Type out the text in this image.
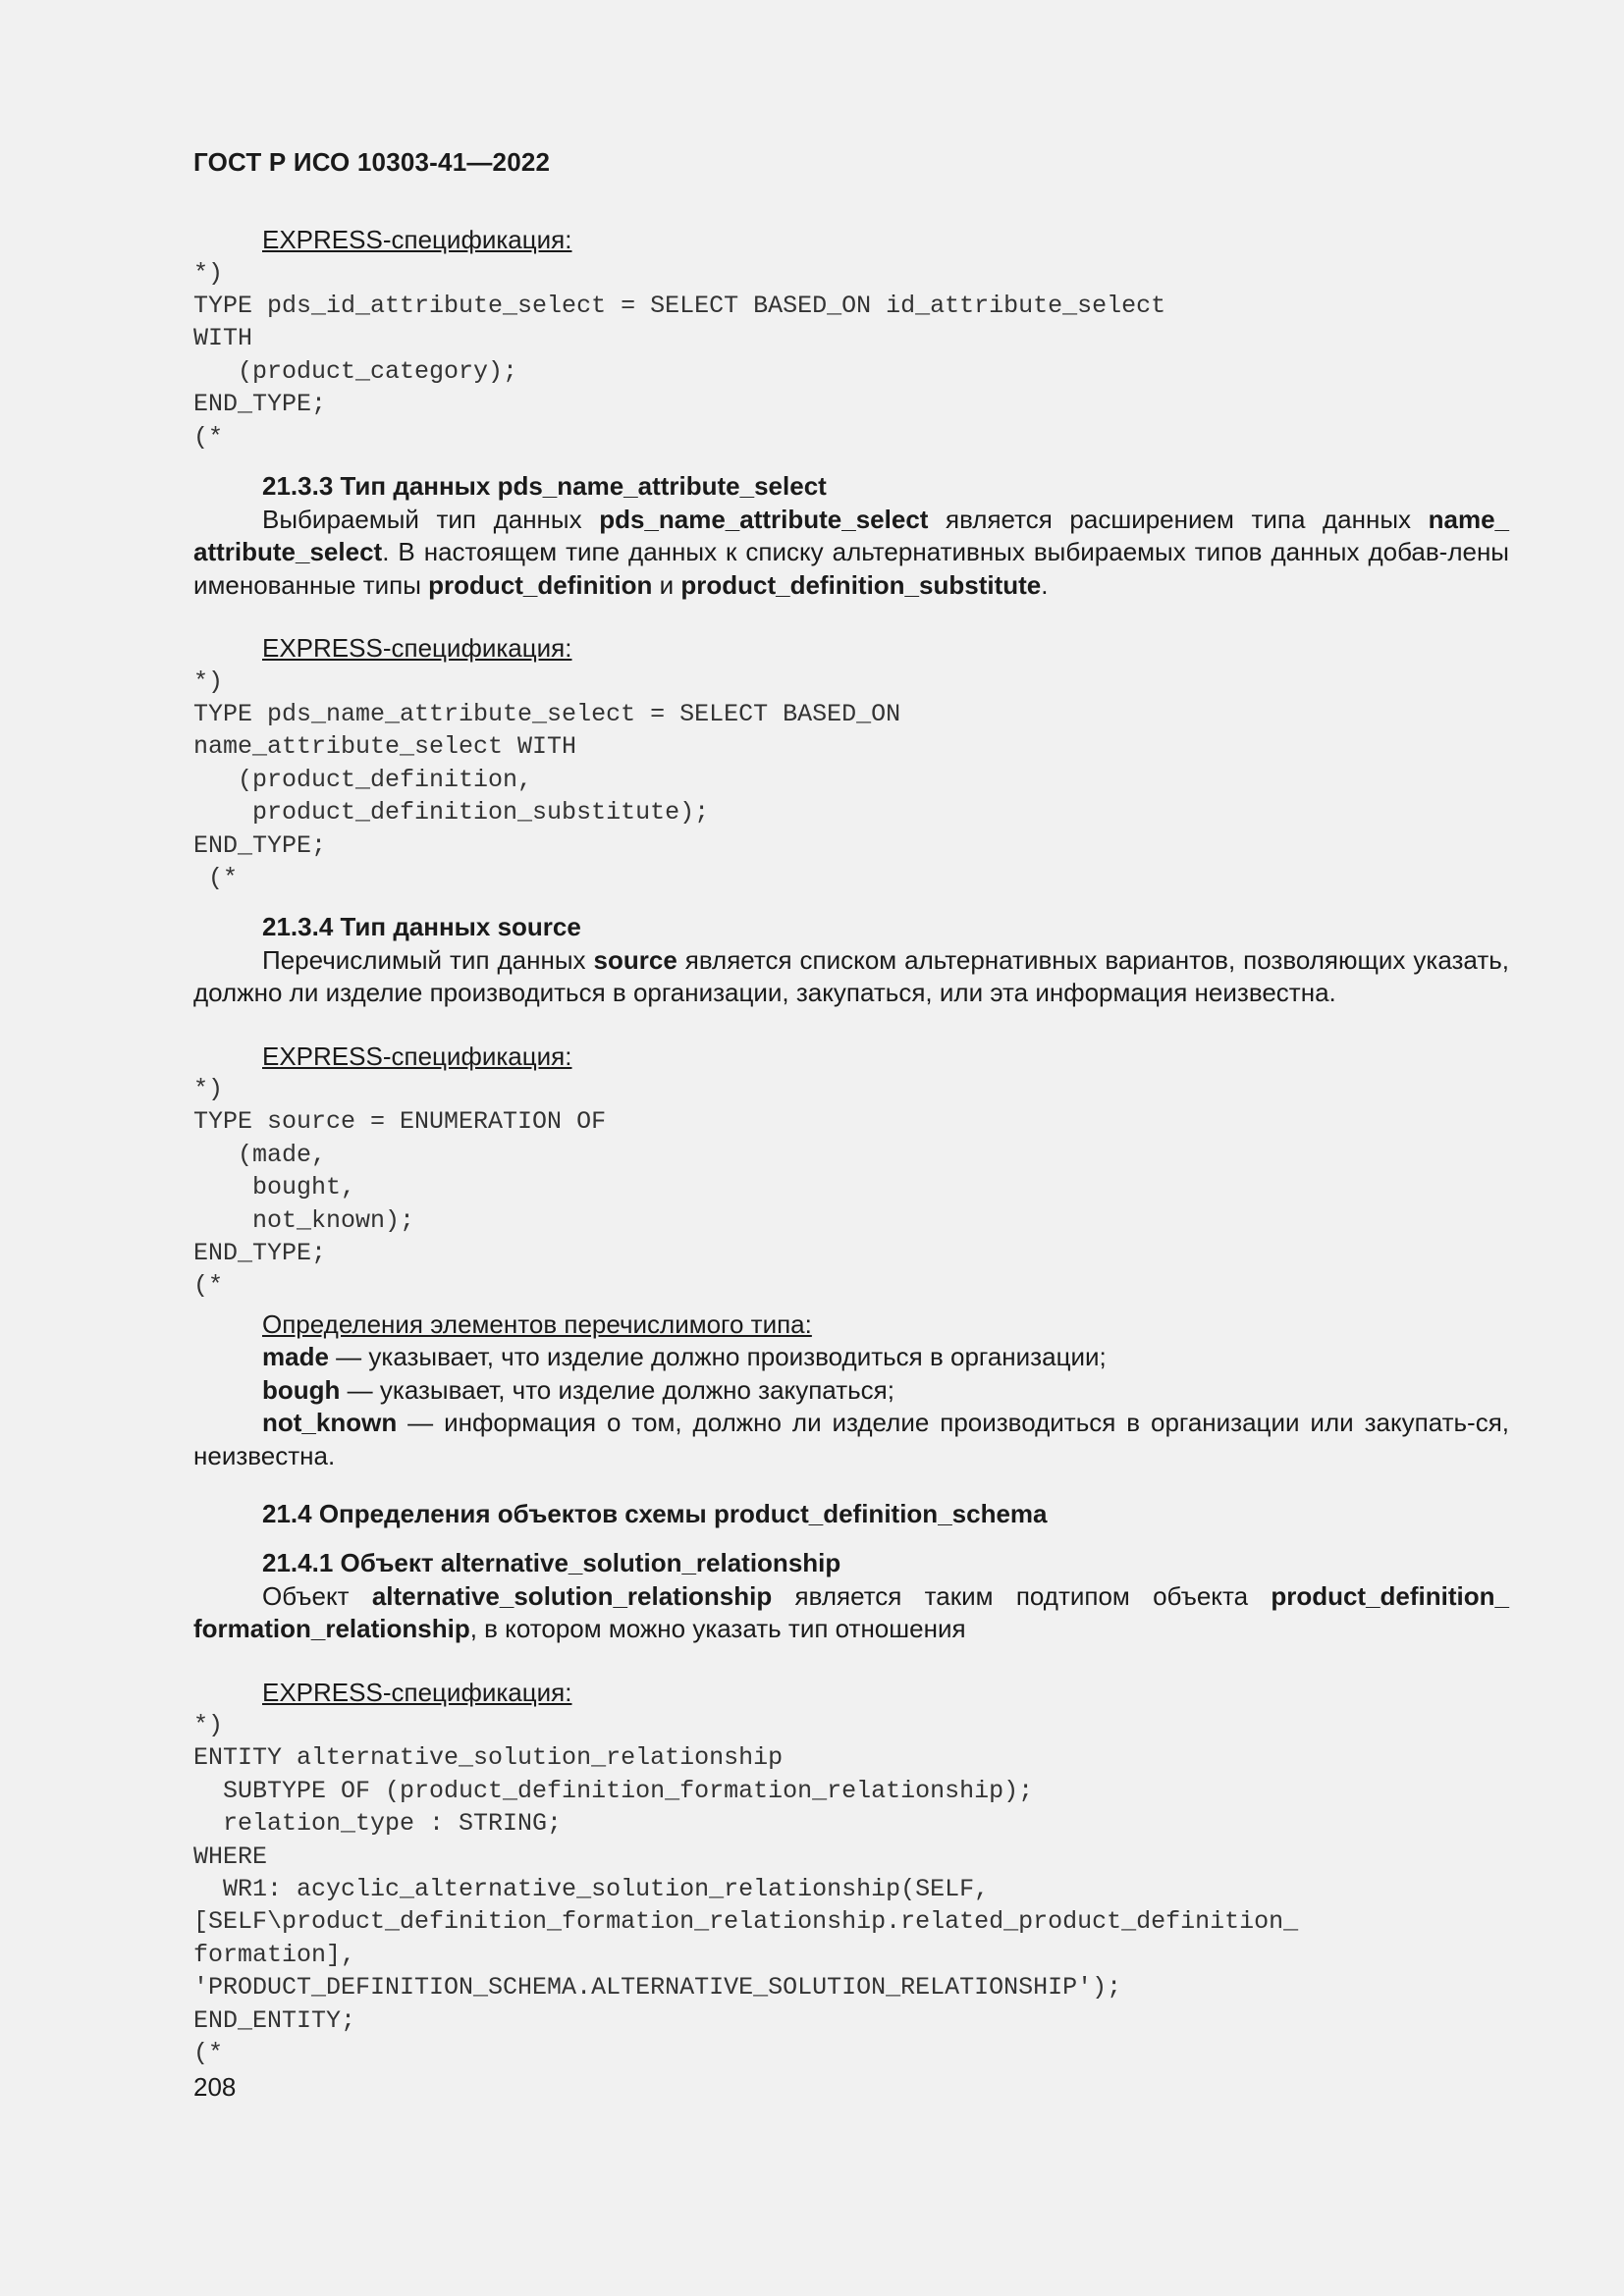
ГОСТ Р ИСО 10303-41—2022

EXPRESS-спецификация:

*)
TYPE pds_id_attribute_select = SELECT BASED_ON id_attribute_select
WITH
(product_category);
END_TYPE;
(*

21.3.3 Тип данных pds_name_attribute_select

Выбираемый тип данных pds_name_attribute_select является расширением типа данных name_ attribute_select. В настоящем типе данных к списку альтернативных выбираемых типов данных добав-лены именованные типы product_definition и product_definition_substitute.

EXPRESS-спецификация:

*)
TYPE pds_name_attribute_select = SELECT BASED_ON
name_attribute_select WITH
(product_definition,
product_definition_substitute);
END_TYPE;
(*

21.3.4 Тип данных source

Перечислимый тип данных source является списком альтернативных вариантов, позволяющих указать, должно ли изделие производиться в организации, закупаться, или эта информация неизвестна.

EXPRESS-спецификация:

*)
TYPE source = ENUMERATION OF
(made,
bought,
not_known);
END_TYPE;
(*

Определения элементов перечислимого типа:

made — указывает, что изделие должно производиться в организации;

bough — указывает, что изделие должно закупаться;

not_known — информация о том, должно ли изделие производиться в организации или закупать-ся, неизвестна.

21.4 Определения объектов схемы product_definition_schema

21.4.1 Объект alternative_solution_relationship

Объект alternative_solution_relationship является таким подтипом объекта product_definition_ formation_relationship, в котором можно указать тип отношения

EXPRESS-спецификация:

*)
ENTITY alternative_solution_relationship
SUBTYPE OF (product_definition_formation_relationship);
relation_type : STRING;
WHERE
WR1: acyclic_alternative_solution_relationship(SELF,
[SELF\product_definition_formation_relationship.related_product_definition_
formation],
'PRODUCT_DEFINITION_SCHEMA.ALTERNATIVE_SOLUTION_RELATIONSHIP');
END_ENTITY;
(*
208
